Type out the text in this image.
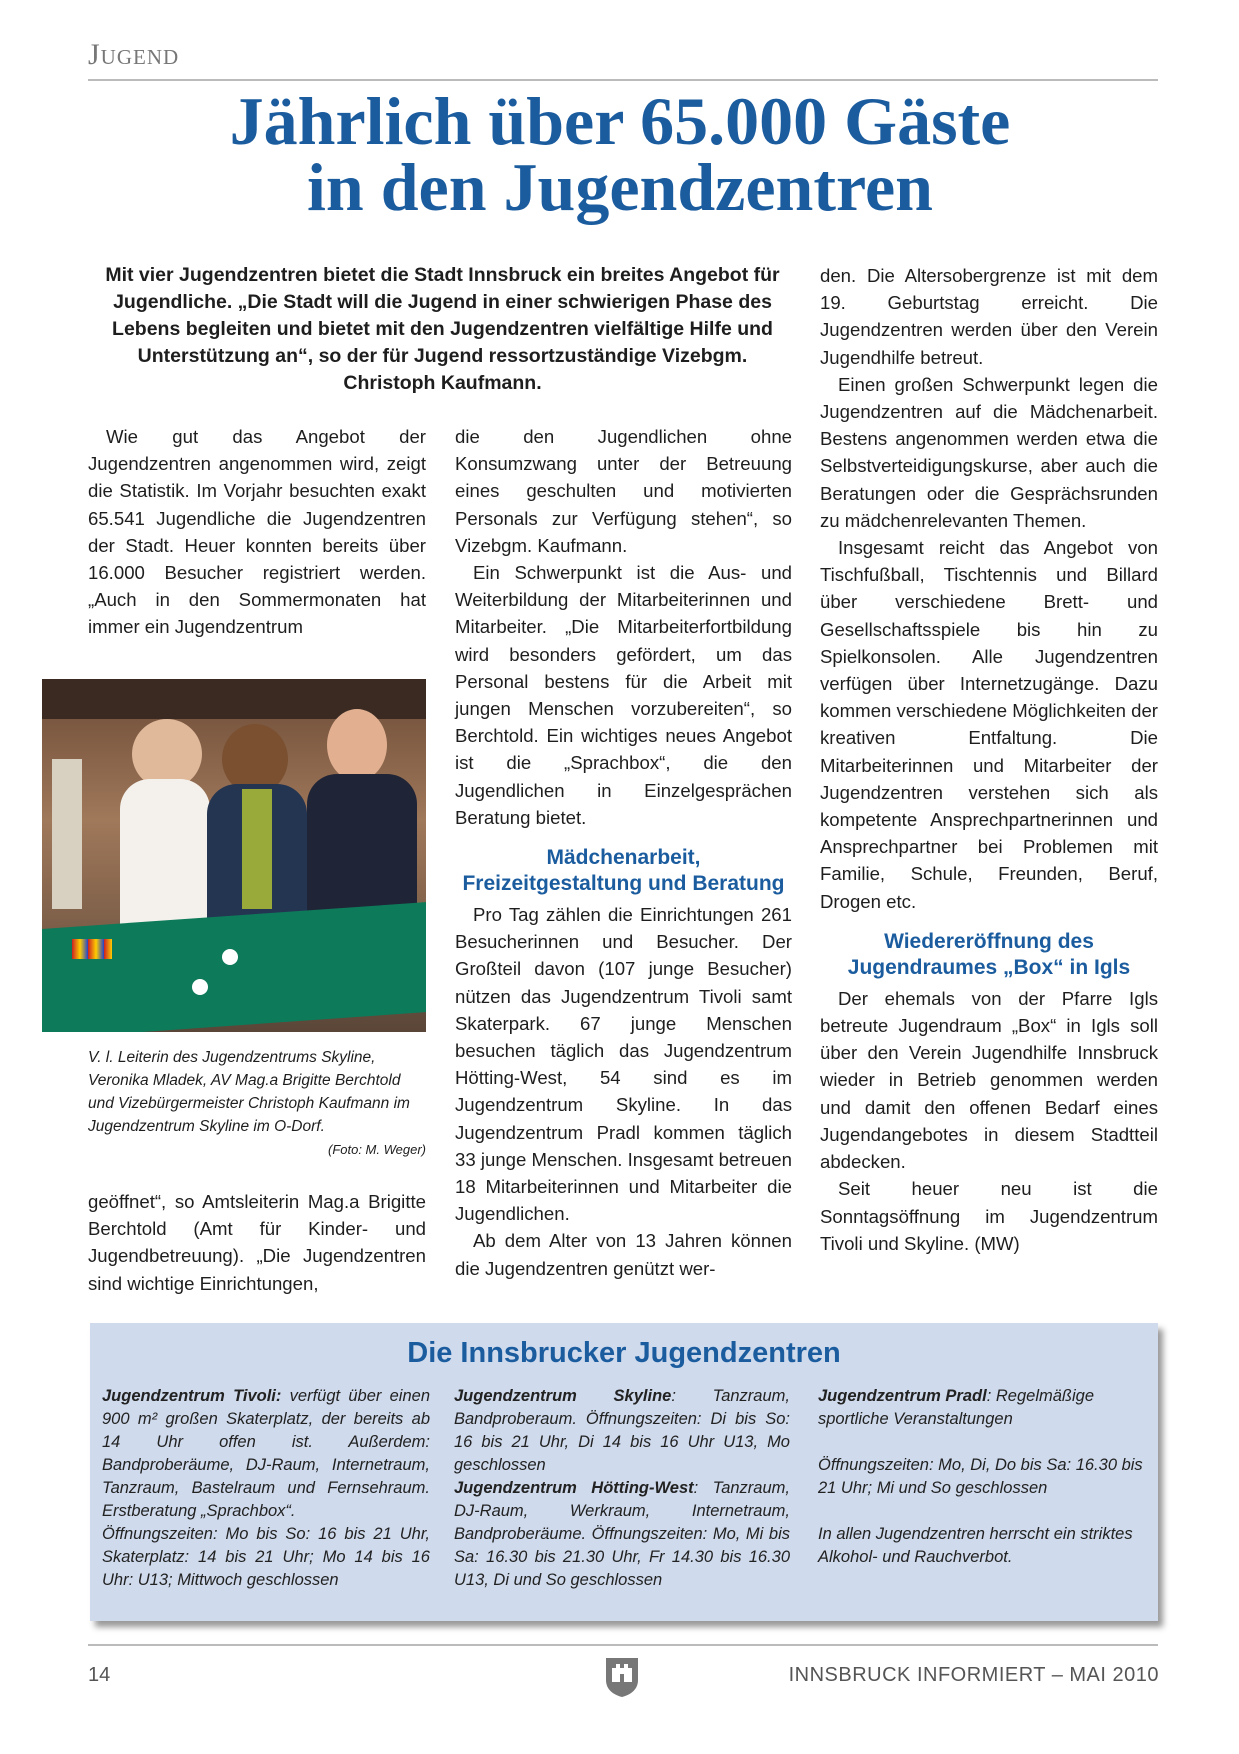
Jugend
Jährlich über 65.000 Gäste
in den Jugendzentren
Mit vier Jugendzentren bietet die Stadt Innsbruck ein breites Angebot für Jugendliche. „Die Stadt will die Jugend in einer schwierigen Phase des Lebens begleiten und bietet mit den Jugendzentren vielfältige Hilfe und Unterstützung an“, so der für Jugend ressortzuständige Vizebgm. Christoph Kaufmann.

Wie gut das Angebot der Jugendzentren angenommen wird, zeigt die Statistik. Im Vorjahr besuchten exakt 65.541 Jugendliche die Jugendzentren der Stadt. Heuer konnten bereits über 16.000 Besucher registriert werden. „Auch in den Sommermonaten hat immer ein Jugendzentrum

V. l. Leiterin des Jugendzentrums Skyline, Veronika Mladek, AV Mag.a Brigitte Berchtold und Vizebürgermeister Christoph Kaufmann im Jugendzentrum Skyline im O-Dorf.
(Foto: M. Weger)

geöffnet“, so Amtsleiterin Mag.a Brigitte Berchtold (Amt für Kinder- und Jugendbetreuung). „Die Jugendzentren sind wichtige Einrichtungen,

die den Jugendlichen ohne Konsumzwang unter der Betreuung eines geschulten und motivierten Personals zur Verfügung stehen“, so Vizebgm. Kaufmann.

Ein Schwerpunkt ist die Aus- und Weiterbildung der Mitarbeiterinnen und Mitarbeiter. „Die Mitarbeiterfortbildung wird besonders gefördert, um das Personal bestens für die Arbeit mit jungen Menschen vorzubereiten“, so Berchtold. Ein wichtiges neues Angebot ist die „Sprachbox“, die den Jugendlichen in Einzelgesprächen Beratung bietet.

Mädchenarbeit, Freizeitgestaltung und Beratung

Pro Tag zählen die Einrichtungen 261 Besucherinnen und Besucher. Der Großteil davon (107 junge Besucher) nützen das Jugendzentrum Tivoli samt Skaterpark. 67 junge Menschen besuchen täglich das Jugendzentrum Hötting-West, 54 sind es im Jugendzentrum Skyline. In das Jugendzentrum Pradl kommen täglich 33 junge Menschen. Insgesamt betreuen 18 Mitarbeiterinnen und Mitarbeiter die Jugendlichen.

Ab dem Alter von 13 Jahren können die Jugendzentren genützt wer-

den. Die Altersobergrenze ist mit dem 19. Geburtstag erreicht. Die Jugendzentren werden über den Verein Jugendhilfe betreut.

Einen großen Schwerpunkt legen die Jugendzentren auf die Mädchenarbeit. Bestens angenommen werden etwa die Selbstverteidigungskurse, aber auch die Beratungen oder die Gesprächsrunden zu mädchenrelevanten Themen.

Insgesamt reicht das Angebot von Tischfußball, Tischtennis und Billard über verschiedene Brett- und Gesellschaftsspiele bis hin zu Spielkonsolen. Alle Jugendzentren verfügen über Internetzugänge. Dazu kommen verschiedene Möglichkeiten der kreativen Entfaltung. Die Mitarbeiterinnen und Mitarbeiter der Jugendzentren verstehen sich als kompetente Ansprechpartnerinnen und Ansprechpartner bei Problemen mit Familie, Schule, Freunden, Beruf, Drogen etc.

Wiedereröffnung des Jugendraumes „Box“ in Igls

Der ehemals von der Pfarre Igls betreute Jugendraum „Box“ in Igls soll über den Verein Jugendhilfe Innsbruck wieder in Betrieb genommen werden und damit den offenen Bedarf eines Jugendangebotes in diesem Stadtteil abdecken.

Seit heuer neu ist die Sonntagsöffnung im Jugendzentrum Tivoli und Skyline. (MW)

Die Innsbrucker Jugendzentren
Jugendzentrum Tivoli: verfügt über einen 900 m² großen Skaterplatz, der bereits ab 14 Uhr offen ist. Außerdem: Bandproberäume, DJ-Raum, Internetraum, Tanzraum, Bastelraum und Fernsehraum. Erstberatung „Sprachbox“.
Öffnungszeiten: Mo bis So: 16 bis 21 Uhr, Skaterplatz: 14 bis 21 Uhr; Mo 14 bis 16 Uhr: U13; Mittwoch geschlossen
Jugendzentrum Skyline: Tanzraum, Bandproberaum. Öffnungszeiten: Di bis So: 16 bis 21 Uhr, Di 14 bis 16 Uhr U13, Mo geschlossen
Jugendzentrum Hötting-West: Tanzraum, DJ-Raum, Werkraum, Internetraum, Bandproberäume. Öffnungszeiten: Mo, Mi bis Sa: 16.30 bis 21.30 Uhr, Fr 14.30 bis 16.30 U13, Di und So geschlossen
Jugendzentrum Pradl: Regelmäßige sportliche Veranstaltungen
Öffnungszeiten: Mo, Di, Do bis Sa: 16.30 bis 21 Uhr; Mi und So geschlossen
In allen Jugendzentren herrscht ein striktes Alkohol- und Rauchverbot.
14	INNSBRUCK INFORMIERT – MAI 2010
